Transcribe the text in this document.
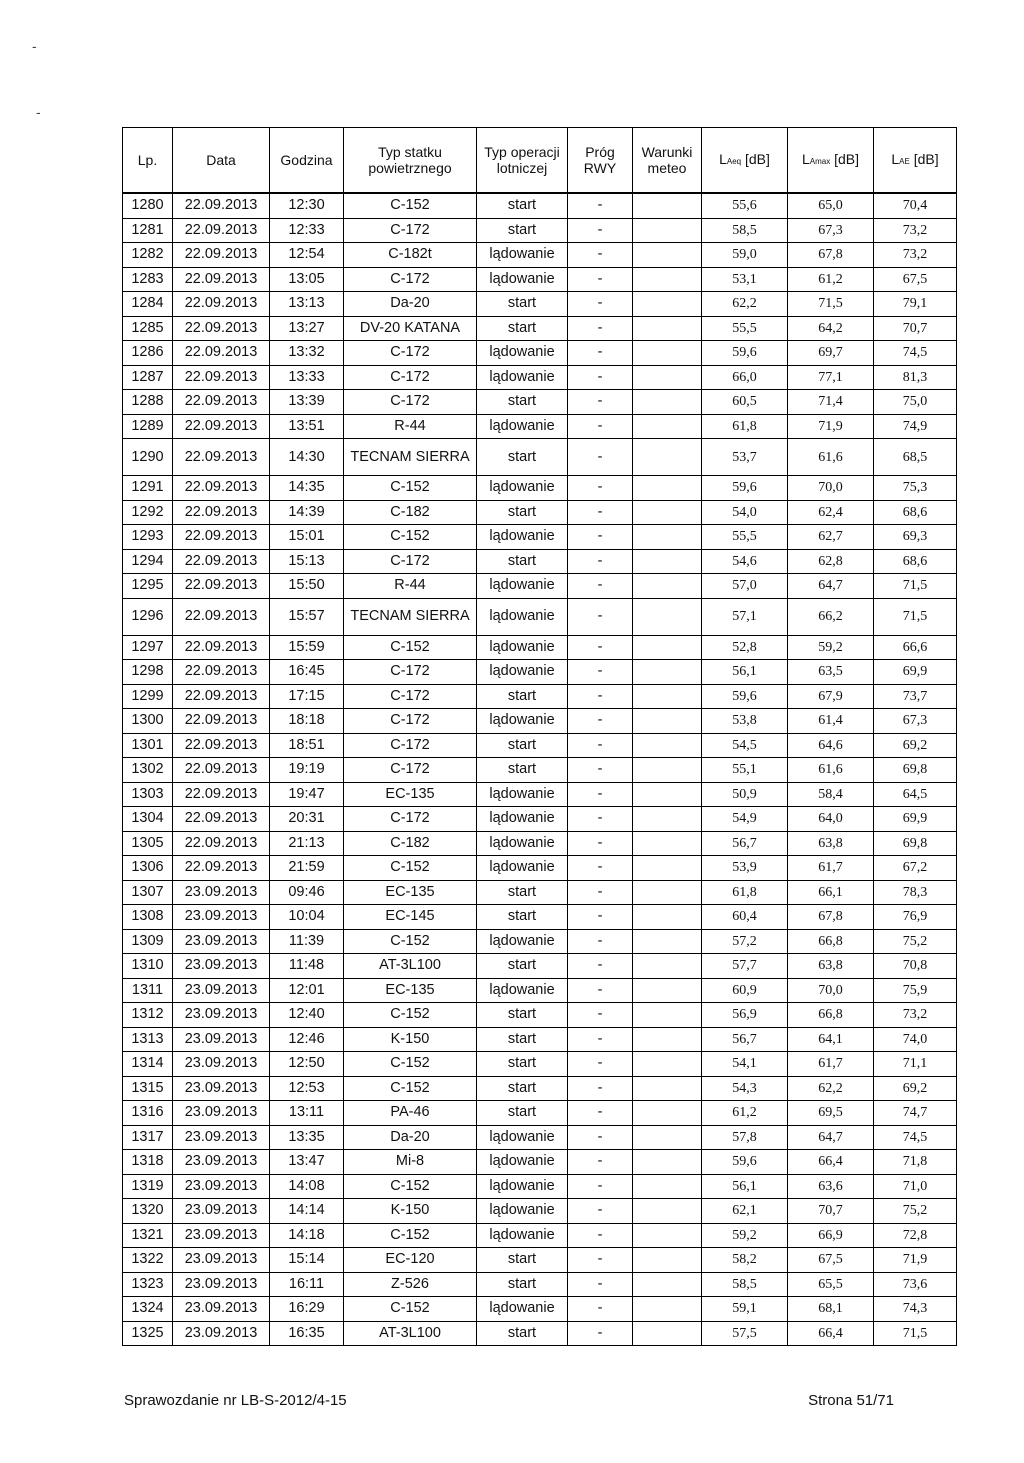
-
-
Lp.	Data	Godzina	Typ statku powietrznego	Typ operacji lotniczej	Próg RWY	Warunki meteo	LAeq [dB]	LAmax [dB]	LAE [dB]
1280	22.09.2013	12:30	C-152	start	-		55,6	65,0	70,4
1281	22.09.2013	12:33	C-172	start	-		58,5	67,3	73,2
1282	22.09.2013	12:54	C-182t	lądowanie	-		59,0	67,8	73,2
1283	22.09.2013	13:05	C-172	lądowanie	-		53,1	61,2	67,5
1284	22.09.2013	13:13	Da-20	start	-		62,2	71,5	79,1
1285	22.09.2013	13:27	DV-20 KATANA	start	-		55,5	64,2	70,7
1286	22.09.2013	13:32	C-172	lądowanie	-		59,6	69,7	74,5
1287	22.09.2013	13:33	C-172	lądowanie	-		66,0	77,1	81,3
1288	22.09.2013	13:39	C-172	start	-		60,5	71,4	75,0
1289	22.09.2013	13:51	R-44	lądowanie	-		61,8	71,9	74,9
1290	22.09.2013	14:30	TECNAM SIERRA	start	-		53,7	61,6	68,5
1291	22.09.2013	14:35	C-152	lądowanie	-		59,6	70,0	75,3
1292	22.09.2013	14:39	C-182	start	-		54,0	62,4	68,6
1293	22.09.2013	15:01	C-152	lądowanie	-		55,5	62,7	69,3
1294	22.09.2013	15:13	C-172	start	-		54,6	62,8	68,6
1295	22.09.2013	15:50	R-44	lądowanie	-		57,0	64,7	71,5
1296	22.09.2013	15:57	TECNAM SIERRA	lądowanie	-		57,1	66,2	71,5
1297	22.09.2013	15:59	C-152	lądowanie	-		52,8	59,2	66,6
1298	22.09.2013	16:45	C-172	lądowanie	-		56,1	63,5	69,9
1299	22.09.2013	17:15	C-172	start	-		59,6	67,9	73,7
1300	22.09.2013	18:18	C-172	lądowanie	-		53,8	61,4	67,3
1301	22.09.2013	18:51	C-172	start	-		54,5	64,6	69,2
1302	22.09.2013	19:19	C-172	start	-		55,1	61,6	69,8
1303	22.09.2013	19:47	EC-135	lądowanie	-		50,9	58,4	64,5
1304	22.09.2013	20:31	C-172	lądowanie	-		54,9	64,0	69,9
1305	22.09.2013	21:13	C-182	lądowanie	-		56,7	63,8	69,8
1306	22.09.2013	21:59	C-152	lądowanie	-		53,9	61,7	67,2
1307	23.09.2013	09:46	EC-135	start	-		61,8	66,1	78,3
1308	23.09.2013	10:04	EC-145	start	-		60,4	67,8	76,9
1309	23.09.2013	11:39	C-152	lądowanie	-		57,2	66,8	75,2
1310	23.09.2013	11:48	AT-3L100	start	-		57,7	63,8	70,8
1311	23.09.2013	12:01	EC-135	lądowanie	-		60,9	70,0	75,9
1312	23.09.2013	12:40	C-152	start	-		56,9	66,8	73,2
1313	23.09.2013	12:46	K-150	start	-		56,7	64,1	74,0
1314	23.09.2013	12:50	C-152	start	-		54,1	61,7	71,1
1315	23.09.2013	12:53	C-152	start	-		54,3	62,2	69,2
1316	23.09.2013	13:11	PA-46	start	-		61,2	69,5	74,7
1317	23.09.2013	13:35	Da-20	lądowanie	-		57,8	64,7	74,5
1318	23.09.2013	13:47	Mi-8	lądowanie	-		59,6	66,4	71,8
1319	23.09.2013	14:08	C-152	lądowanie	-		56,1	63,6	71,0
1320	23.09.2013	14:14	K-150	lądowanie	-		62,1	70,7	75,2
1321	23.09.2013	14:18	C-152	lądowanie	-		59,2	66,9	72,8
1322	23.09.2013	15:14	EC-120	start	-		58,2	67,5	71,9
1323	23.09.2013	16:11	Z-526	start	-		58,5	65,5	73,6
1324	23.09.2013	16:29	C-152	lądowanie	-		59,1	68,1	74,3
1325	23.09.2013	16:35	AT-3L100	start	-		57,5	66,4	71,5
Sprawozdanie nr LB-S-2012/4-15	Strona 51/71
